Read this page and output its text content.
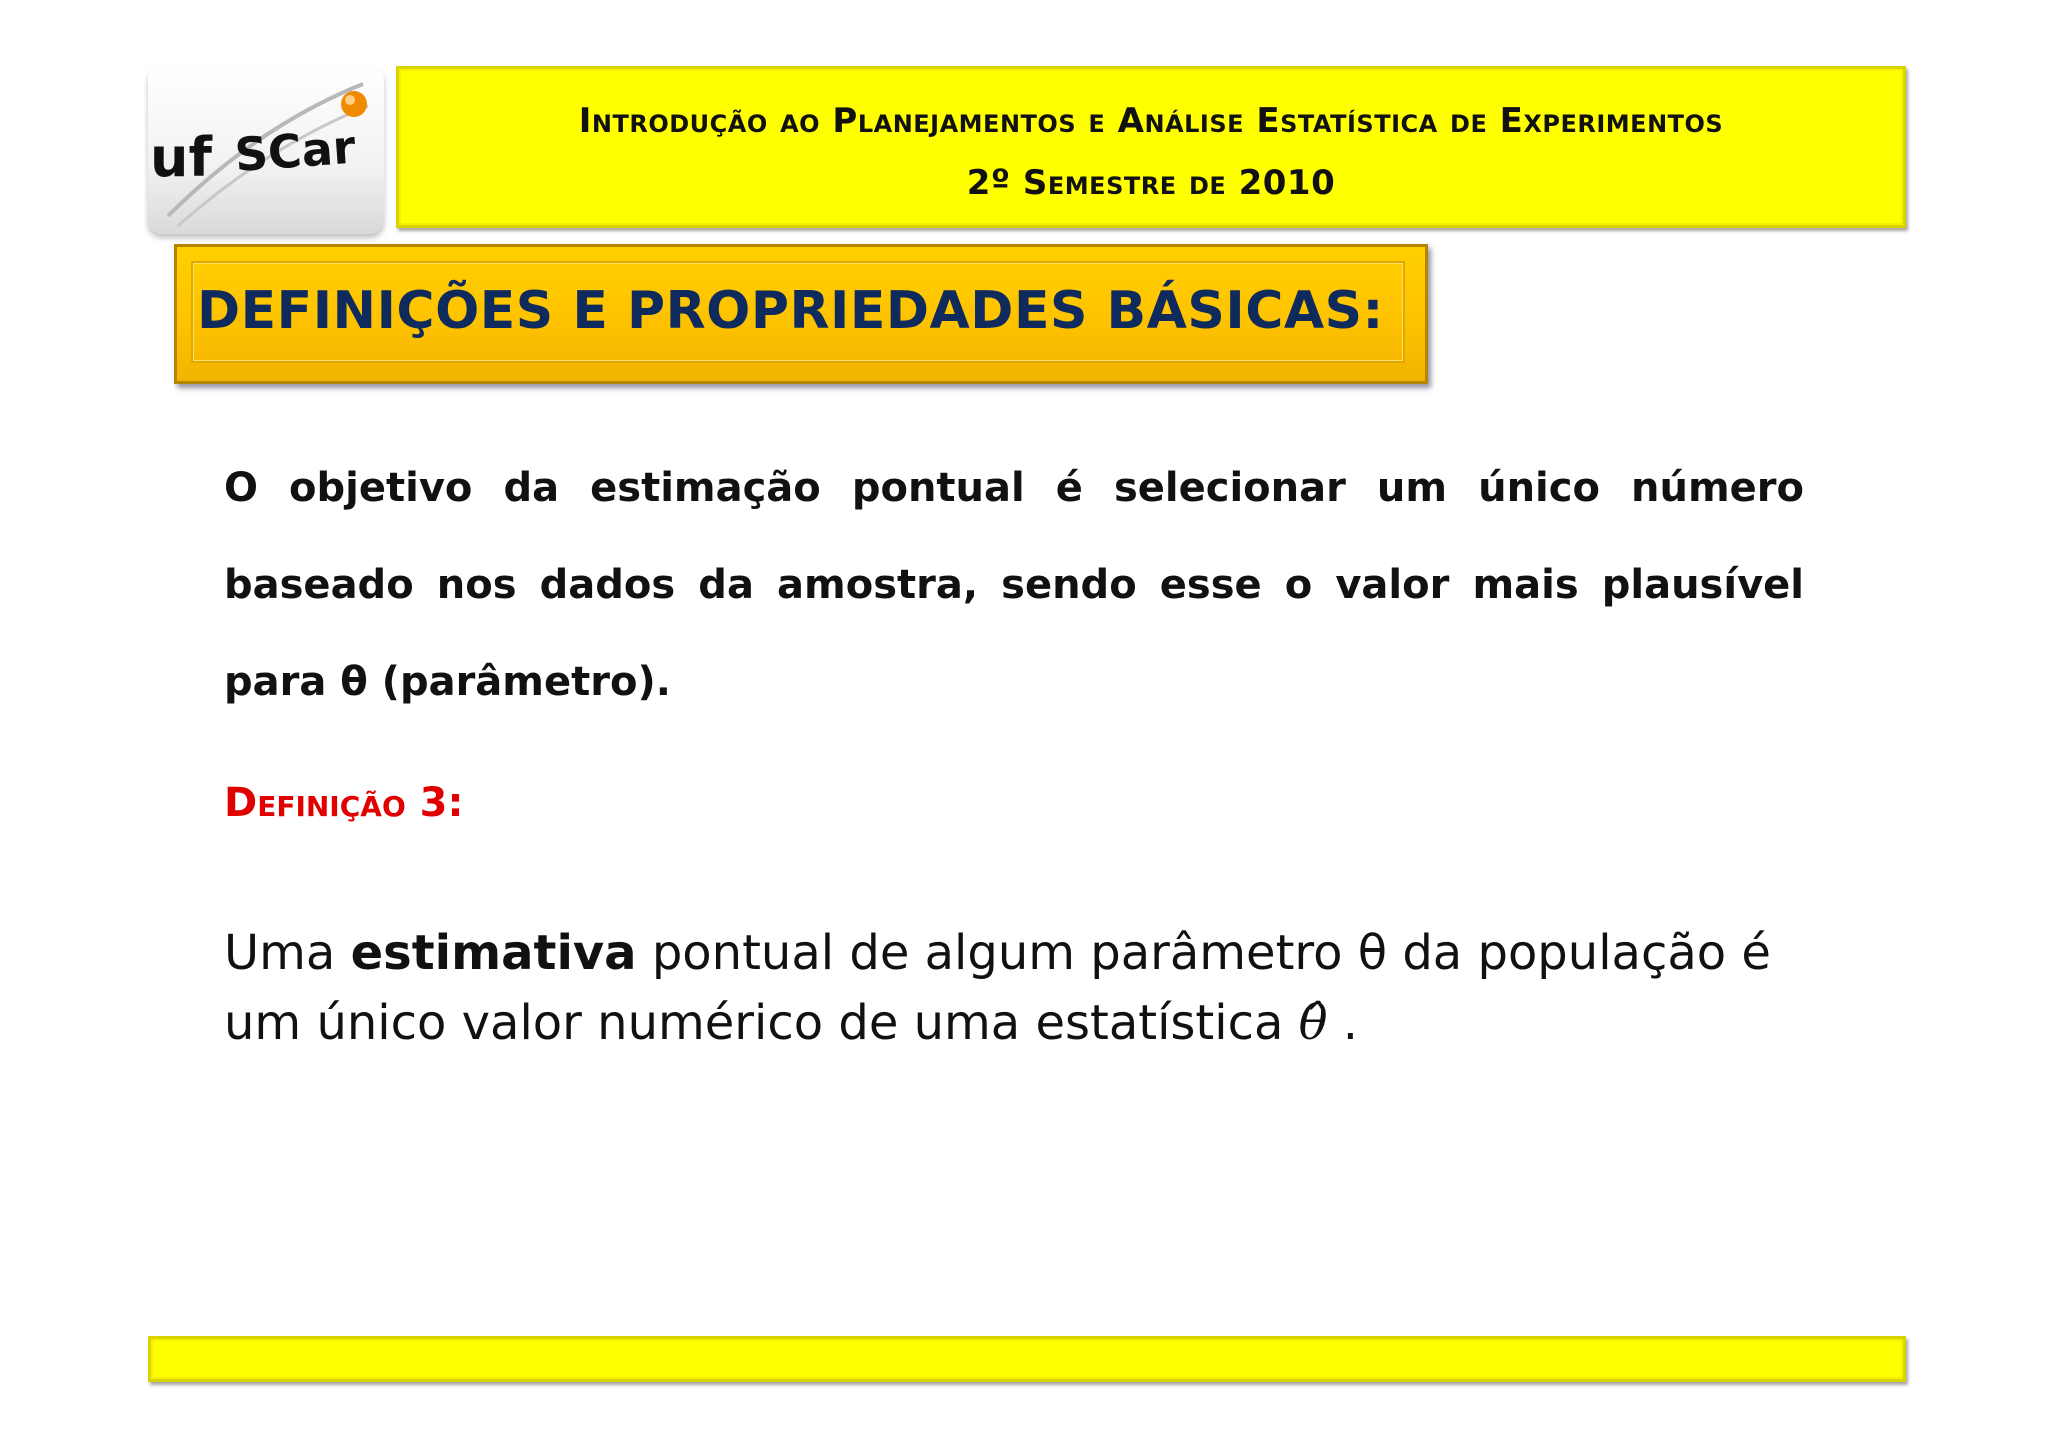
uf SCar	Introdução ao Planejamentos e Análise Estatística de Experimentos
2º Semestre de 2010
DEFINIÇÕES E PROPRIEDADES BÁSICAS:
O objetivo da estimação pontual é selecionar um único número baseado nos dados da amostra, sendo esse o valor mais plausível para θ (parâmetro).
Definição 3:
Uma estimativa pontual de algum parâmetro θ da população é um único valor numérico de uma estatística θ̂ .
